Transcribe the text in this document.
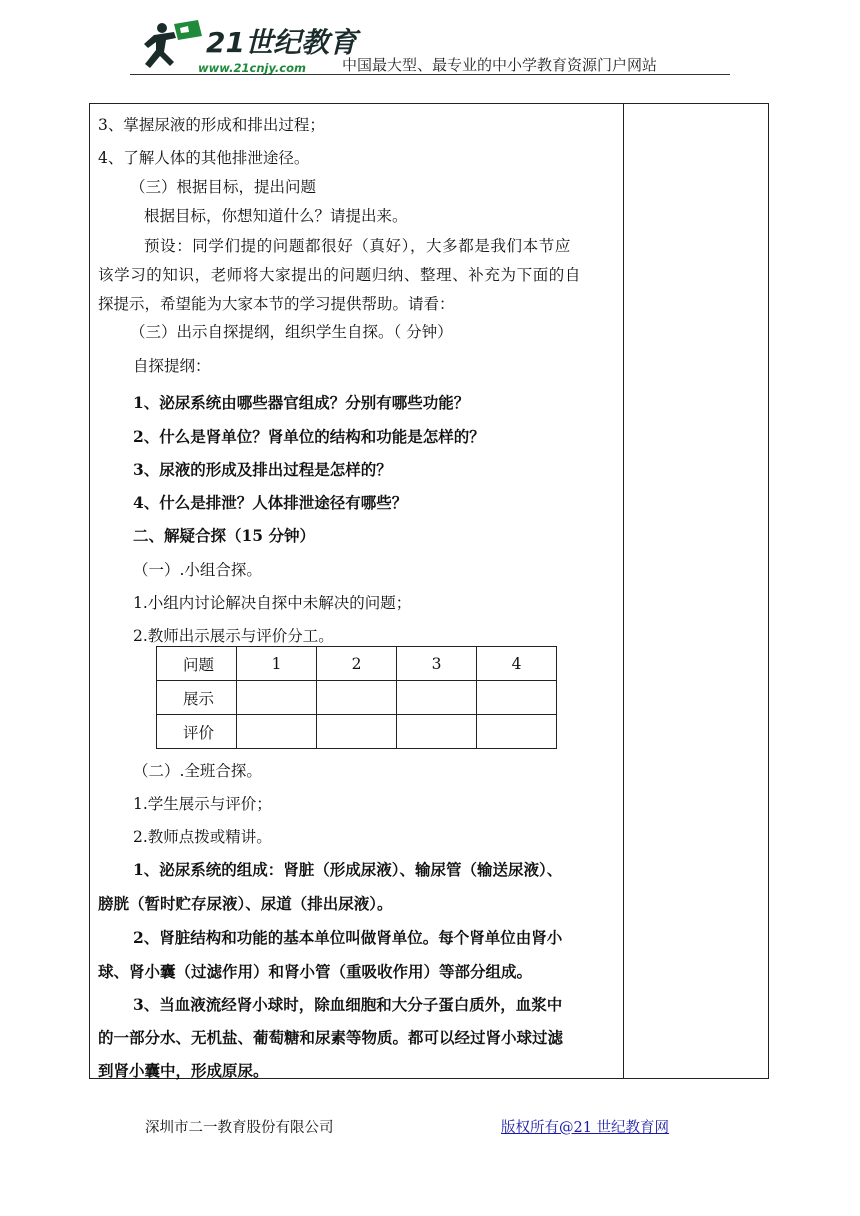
21世纪教育
www.21cnjy.com 中国最大型、最专业的中小学教育资源门户网站
3、掌握尿液的形成和排出过程；
4、了解人体的其他排泄途径。
（三）根据目标，提出问题
根据目标，你想知道什么？请提出来。
预设：同学们提的问题都很好（真好），大多都是我们本节应
该学习的知识，老师将大家提出的问题归纳、整理、补充为下面的自
探提示，希望能为大家本节的学习提供帮助。请看：
（三）出示自探提纲，组织学生自探。（ 分钟）
自探提纲：
1、泌尿系统由哪些器官组成？分别有哪些功能？
2、什么是肾单位？肾单位的结构和功能是怎样的？
3、尿液的形成及排出过程是怎样的？
4、什么是排泄？人体排泄途径有哪些？
二、解疑合探（15 分钟）
（一）.小组合探。
1.小组内讨论解决自探中未解决的问题；
2.教师出示展示与评价分工。
问题	1	2	3	4
展示				
评价				
（二）.全班合探。
1.学生展示与评价；
2.教师点拨或精讲。
1、泌尿系统的组成：肾脏（形成尿液）、输尿管（输送尿液）、
膀胱（暂时贮存尿液）、尿道（排出尿液）。
2、肾脏结构和功能的基本单位叫做肾单位。每个肾单位由肾小
球、肾小囊（过滤作用）和肾小管（重吸收作用）等部分组成。
3、当血液流经肾小球时，除血细胞和大分子蛋白质外，血浆中
的一部分水、无机盐、葡萄糖和尿素等物质。都可以经过肾小球过滤
到肾小囊中，形成原尿。
深圳市二一教育股份有限公司	版权所有@21 世纪教育网
